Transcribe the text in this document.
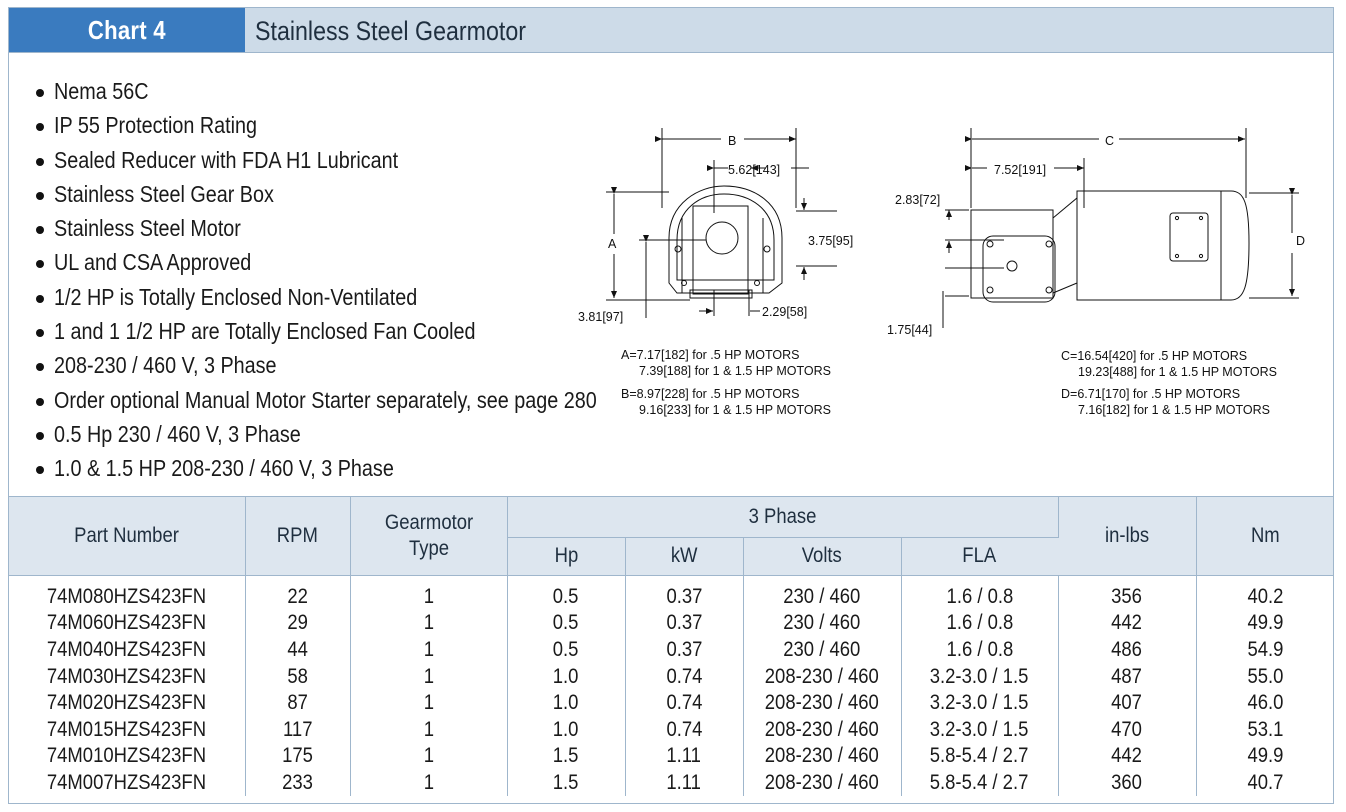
Chart 4	Stainless Steel Gearmotor
Nema 56C
IP 55 Protection Rating
Sealed Reducer with FDA H1 Lubricant
Stainless Steel Gear Box
Stainless Steel Motor
UL and CSA Approved
1/2 HP is Totally Enclosed Non-Ventilated
1 and 1 1/2 HP are Totally Enclosed Fan Cooled
208-230 / 460 V, 3 Phase
Order optional Manual Motor Starter separately, see page 280
0.5 Hp 230 / 460 V, 3 Phase
1.0 & 1.5 HP 208-230 / 460 V, 3 Phase
B
5.62[143]
A	3.75[95]
3.81[97]	2.29[58]
C
7.52[191]
2.83[72]
D
1.75[44]
A=7.17[182] for .5 HP MOTORS
7.39[188] for 1 & 1.5 HP MOTORS
B=8.97[228] for .5 HP MOTORS
9.16[233] for 1 & 1.5 HP MOTORS
C=16.54[420] for .5 HP MOTORS
19.23[488] for 1 & 1.5 HP MOTORS
D=6.71[170] for .5 HP MOTORS
7.16[182] for 1 & 1.5 HP MOTORS
Part Number	RPM	Gearmotor Type	3 Phase				in-lbs	Nm
			Hp	kW	Volts	FLA		
74M080HZS423FN	22	1	0.5	0.37	230 / 460	1.6 / 0.8	356	40.2
74M060HZS423FN	29	1	0.5	0.37	230 / 460	1.6 / 0.8	442	49.9
74M040HZS423FN	44	1	0.5	0.37	230 / 460	1.6 / 0.8	486	54.9
74M030HZS423FN	58	1	1.0	0.74	208-230 / 460	3.2-3.0 / 1.5	487	55.0
74M020HZS423FN	87	1	1.0	0.74	208-230 / 460	3.2-3.0 / 1.5	407	46.0
74M015HZS423FN	117	1	1.0	0.74	208-230 / 460	3.2-3.0 / 1.5	470	53.1
74M010HZS423FN	175	1	1.5	1.11	208-230 / 460	5.8-5.4 / 2.7	442	49.9
74M007HZS423FN	233	1	1.5	1.11	208-230 / 460	5.8-5.4 / 2.7	360	40.7
